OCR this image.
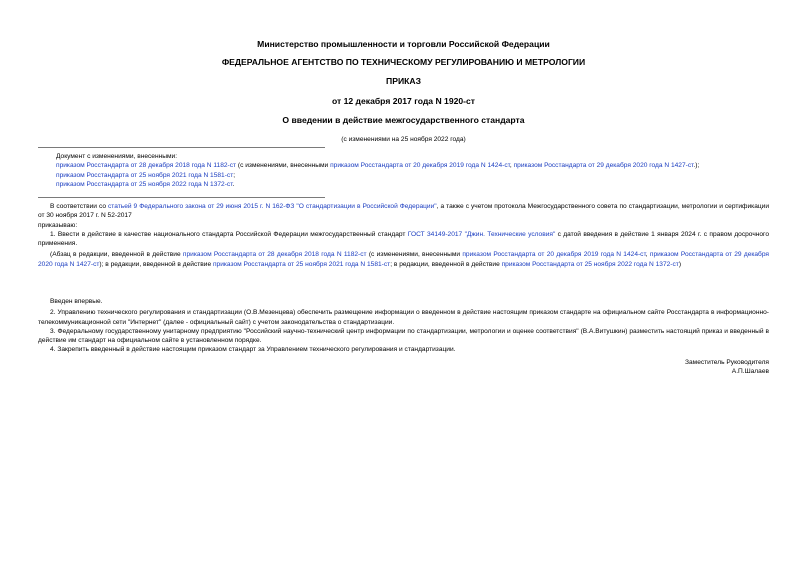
Министерство промышленности и торговли Российской Федерации
ФЕДЕРАЛЬНОЕ АГЕНТСТВО ПО ТЕХНИЧЕСКОМУ РЕГУЛИРОВАНИЮ И МЕТРОЛОГИИ
ПРИКАЗ
от 12 декабря 2017 года N 1920-ст
О введении в действие межгосударственного стандарта
(с изменениями на 25 ноября 2022 года)
Документ с изменениями, внесенными:
приказом Росстандарта от 28 декабря 2018 года N 1182-ст (с изменениями, внесенными приказом Росстандарта от 20 декабря 2019 года N 1424-ст, приказом Росстандарта от 29 декабря 2020 года N 1427-ст.);
приказом Росстандарта от 25 ноября 2021 года N 1581-ст;
приказом Росстандарта от 25 ноября 2022 года N 1372-ст.

В соответствии со статьей 9 Федерального закона от 29 июня 2015 г. N 162-ФЗ "О стандартизации в Российской Федерации", а также с учетом протокола Межгосударственного совета по стандартизации, метрологии и сертификации от 30 ноября 2017 г. N 52-2017

приказываю:

1. Ввести в действие в качестве национального стандарта Российской Федерации межгосударственный стандарт ГОСТ 34149-2017 "Джин. Технические условия" с датой введения в действие 1 января 2024 г. с правом досрочного применения.

(Абзац в редакции, введенной в действие приказом Росстандарта от 28 декабря 2018 года N 1182-ст (с изменениями, внесенными приказом Росстандарта от 20 декабря 2019 года N 1424-ст, приказом Росстандарта от 29 декабря 2020 года N 1427-ст); в редакции, введенной в действие приказом Росстандарта от 25 ноября 2021 года N 1581-ст; в редакции, введенной в действие приказом Росстандарта от 25 ноября 2022 года N 1372-ст)

Введен впервые.

2. Управлению технического регулирования и стандартизации (О.В.Мезенцева) обеспечить размещение информации о введенном в действие настоящим приказом стандарте на официальном сайте Росстандарта в информационно-телекоммуникационной сети "Интернет" (далее - официальный сайт) с учетом законодательства о стандартизации.

3. Федеральному государственному унитарному предприятию "Российский научно-технический центр информации по стандартизации, метрологии и оценке соответствия" (В.А.Витушкин) разместить настоящий приказ и введенный в действие им стандарт на официальном сайте в установленном порядке.

4. Закрепить введенный в действие настоящим приказом стандарт за Управлением технического регулирования и стандартизации.

Заместитель Руководителя
А.П.Шалаев
